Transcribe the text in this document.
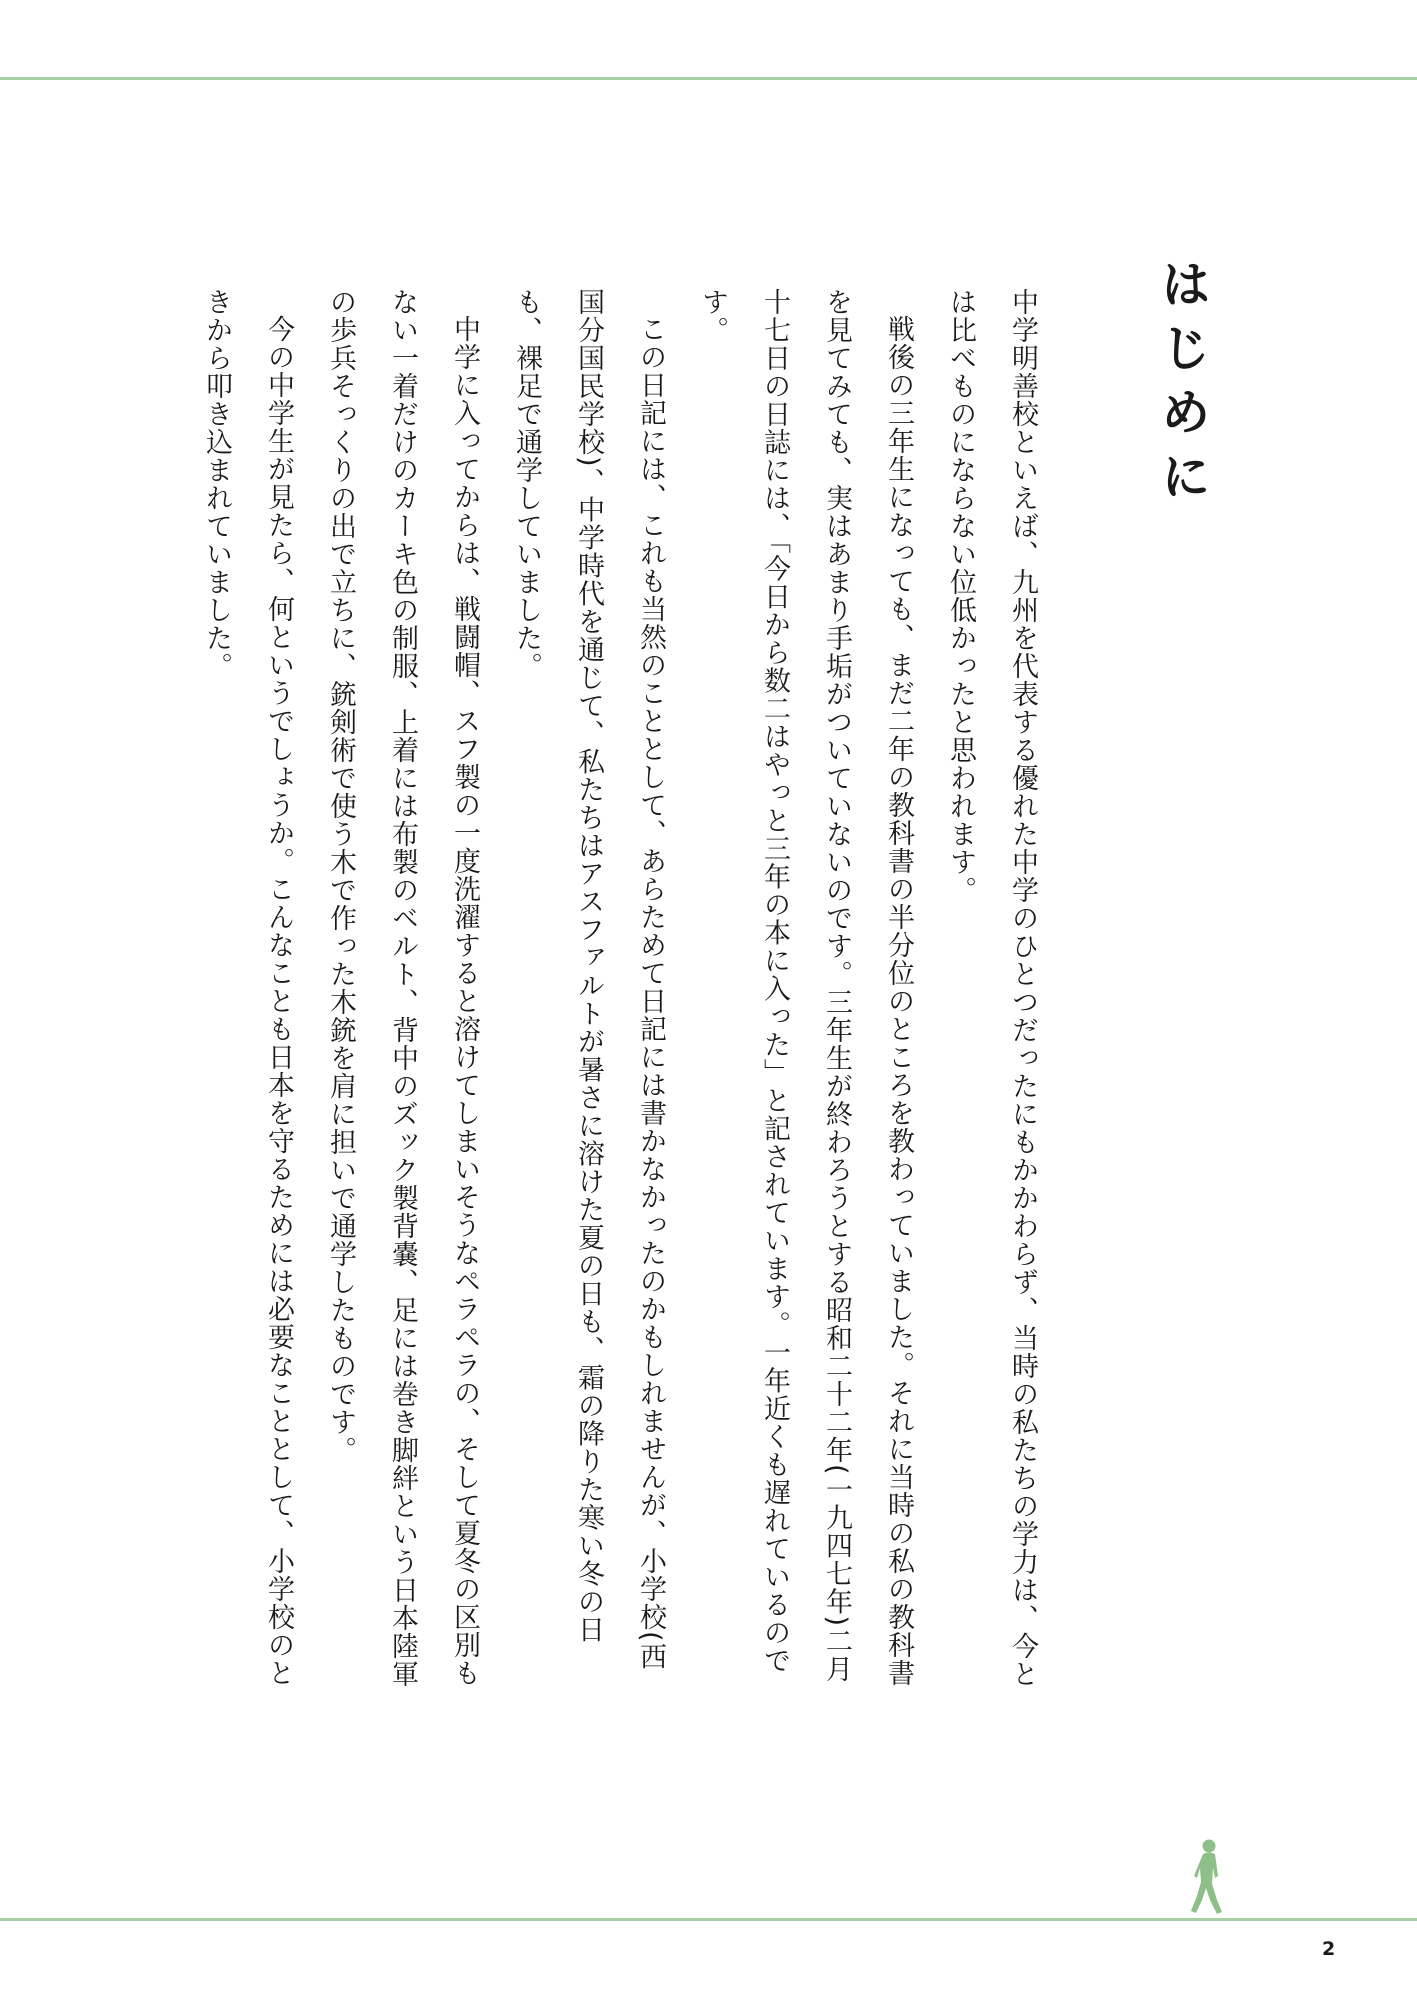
はじめに

中学明善校といえば、九州を代表する優れた中学のひとつだったにもかかわらず、当時の私たちの学力は、今とは比べものにならない位低かったと思われます。

戦後の三年生になっても、まだ二年の教科書の半分位のところを教わっていました。それに当時の私の教科書を見てみても、実はあまり手垢がついていないのです。三年生が終わろうとする昭和二十二年(一九四七年)二月十七日の日誌には、「今日から数二はやっと三年の本に入った」と記されています。一年近くも遅れているのです。

この日記には、これも当然のこととして、あらためて日記には書かなかったのかもしれませんが、小学校(西国分国民学校)、中学時代を通じて、私たちはアスファルトが暑さに溶けた夏の日も、霜の降りた寒い冬の日も、裸足で通学していました。

中学に入ってからは、戦闘帽、スフ製の一度洗濯すると溶けてしまいそうなペラペラの、そして夏冬の区別もない一着だけのカーキ色の制服、上着には布製のベルト、背中のズック製背嚢、足には巻き脚絆という日本陸軍の歩兵そっくりの出で立ちに、銃剣術で使う木で作った木銃を肩に担いで通学したものです。

今の中学生が見たら、何というでしょうか。こんなことも日本を守るためには必要なこととして、小学校のときから叩き込まれていました。

2
